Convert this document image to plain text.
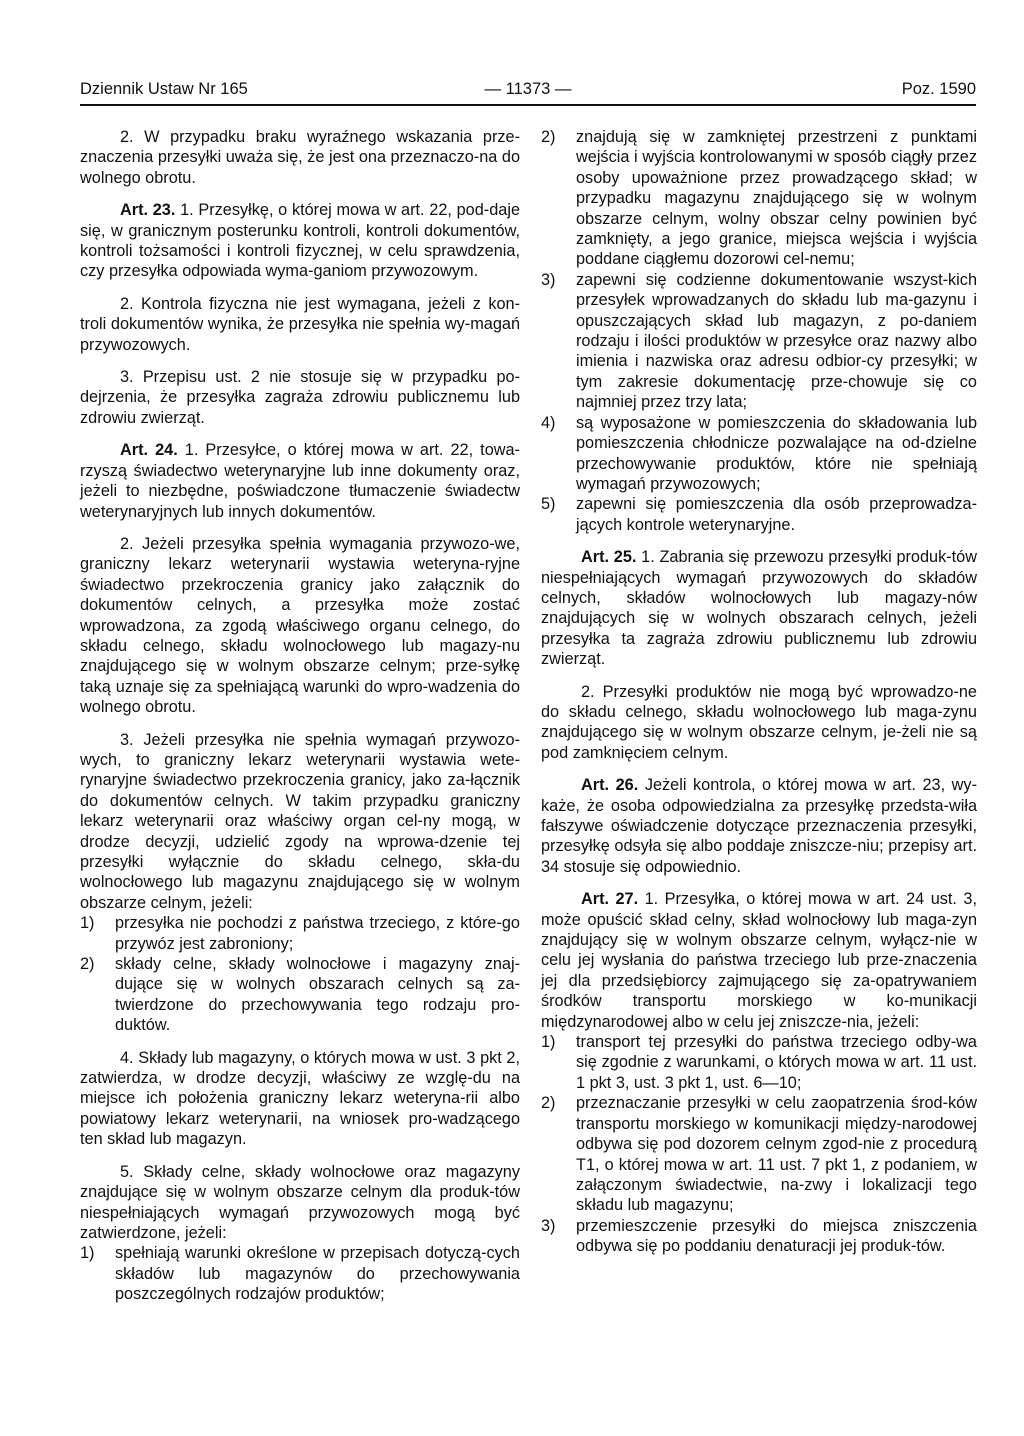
Dziennik Ustaw Nr 165	— 11373 —	Poz. 1590

2. W przypadku braku wyraźnego wskazania prze-znaczenia przesyłki uważa się, że jest ona przeznaczo-na do wolnego obrotu.

Art. 23. 1. Przesyłkę, o której mowa w art. 22, pod-daje się, w granicznym posterunku kontroli, kontroli dokumentów, kontroli tożsamości i kontroli fizycznej, w celu sprawdzenia, czy przesyłka odpowiada wyma-ganiom przywozowym.

2. Kontrola fizyczna nie jest wymagana, jeżeli z kon-troli dokumentów wynika, że przesyłka nie spełnia wy-magań przywozowych.

3. Przepisu ust. 2 nie stosuje się w przypadku po-dejrzenia, że przesyłka zagraża zdrowiu publicznemu lub zdrowiu zwierząt.

Art. 24. 1. Przesyłce, o której mowa w art. 22, towa-rzyszą świadectwo weterynaryjne lub inne dokumenty oraz, jeżeli to niezbędne, poświadczone tłumaczenie świadectw weterynaryjnych lub innych dokumentów.

2. Jeżeli przesyłka spełnia wymagania przywozo-we, graniczny lekarz weterynarii wystawia weteryna-ryjne świadectwo przekroczenia granicy jako załącznik do dokumentów celnych, a przesyłka może zostać wprowadzona, za zgodą właściwego organu celnego, do składu celnego, składu wolnocłowego lub magazy-nu znajdującego się w wolnym obszarze celnym; prze-syłkę taką uznaje się za spełniającą warunki do wpro-wadzenia do wolnego obrotu.

3. Jeżeli przesyłka nie spełnia wymagań przywozo-wych, to graniczny lekarz weterynarii wystawia wete-rynaryjne świadectwo przekroczenia granicy, jako za-łącznik do dokumentów celnych. W takim przypadku graniczny lekarz weterynarii oraz właściwy organ cel-ny mogą, w drodze decyzji, udzielić zgody na wprowa-dzenie tej przesyłki wyłącznie do składu celnego, skła-du wolnocłowego lub magazynu znajdującego się w wolnym obszarze celnym, jeżeli:

1)	przesyłka nie pochodzi z państwa trzeciego, z które-go przywóz jest zabroniony;
2)	składy celne, składy wolnocłowe i magazyny znaj-dujące się w wolnych obszarach celnych są za-twierdzone do przechowywania tego rodzaju pro-duktów.

4. Składy lub magazyny, o których mowa w ust. 3 pkt 2, zatwierdza, w drodze decyzji, właściwy ze wzglę-du na miejsce ich położenia graniczny lekarz weteryna-rii albo powiatowy lekarz weterynarii, na wniosek pro-wadzącego ten skład lub magazyn.

5. Składy celne, składy wolnocłowe oraz magazyny znajdujące się w wolnym obszarze celnym dla produk-tów niespełniających wymagań przywozowych mogą być zatwierdzone, jeżeli:

1)	spełniają warunki określone w przepisach dotyczą-cych składów lub magazynów do przechowywania poszczególnych rodzajów produktów;
2)	znajdują się w zamkniętej przestrzeni z punktami wejścia i wyjścia kontrolowanymi w sposób ciągły przez osoby upoważnione przez prowadzącego skład; w przypadku magazynu znajdującego się w wolnym obszarze celnym, wolny obszar celny powinien być zamknięty, a jego granice, miejsca wejścia i wyjścia poddane ciągłemu dozorowi cel-nemu;
3)	zapewni się codzienne dokumentowanie wszyst-kich przesyłek wprowadzanych do składu lub ma-gazynu i opuszczających skład lub magazyn, z po-daniem rodzaju i ilości produktów w przesyłce oraz nazwy albo imienia i nazwiska oraz adresu odbior-cy przesyłki; w tym zakresie dokumentację prze-chowuje się co najmniej przez trzy lata;
4)	są wyposażone w pomieszczenia do składowania lub pomieszczenia chłodnicze pozwalające na od-dzielne przechowywanie produktów, które nie spełniają wymagań przywozowych;
5)	zapewni się pomieszczenia dla osób przeprowadza-jących kontrole weterynaryjne.

Art. 25. 1. Zabrania się przewozu przesyłki produk-tów niespełniających wymagań przywozowych do składów celnych, składów wolnocłowych lub magazy-nów znajdujących się w wolnych obszarach celnych, jeżeli przesyłka ta zagraża zdrowiu publicznemu lub zdrowiu zwierząt.

2. Przesyłki produktów nie mogą być wprowadzo-ne do składu celnego, składu wolnocłowego lub maga-zynu znajdującego się w wolnym obszarze celnym, je-żeli nie są pod zamknięciem celnym.

Art. 26. Jeżeli kontrola, o której mowa w art. 23, wy-każe, że osoba odpowiedzialna za przesyłkę przedsta-wiła fałszywe oświadczenie dotyczące przeznaczenia przesyłki, przesyłkę odsyła się albo poddaje zniszcze-niu; przepisy art. 34 stosuje się odpowiednio.

Art. 27. 1. Przesyłka, o której mowa w art. 24 ust. 3, może opuścić skład celny, skład wolnocłowy lub maga-zyn znajdujący się w wolnym obszarze celnym, wyłącz-nie w celu jej wysłania do państwa trzeciego lub prze-znaczenia jej dla przedsiębiorcy zajmującego się za-opatrywaniem środków transportu morskiego w ko-munikacji międzynarodowej albo w celu jej zniszcze-nia, jeżeli:

1)	transport tej przesyłki do państwa trzeciego odby-wa się zgodnie z warunkami, o których mowa w art. 11 ust. 1 pkt 3, ust. 3 pkt 1, ust. 6—10;
2)	przeznaczanie przesyłki w celu zaopatrzenia środ-ków transportu morskiego w komunikacji między-narodowej odbywa się pod dozorem celnym zgod-nie z procedurą T1, o której mowa w art. 11 ust. 7 pkt 1, z podaniem, w załączonym świadectwie, na-zwy i lokalizacji tego składu lub magazynu;
3)	przemieszczenie przesyłki do miejsca zniszczenia odbywa się po poddaniu denaturacji jej produk-tów.
